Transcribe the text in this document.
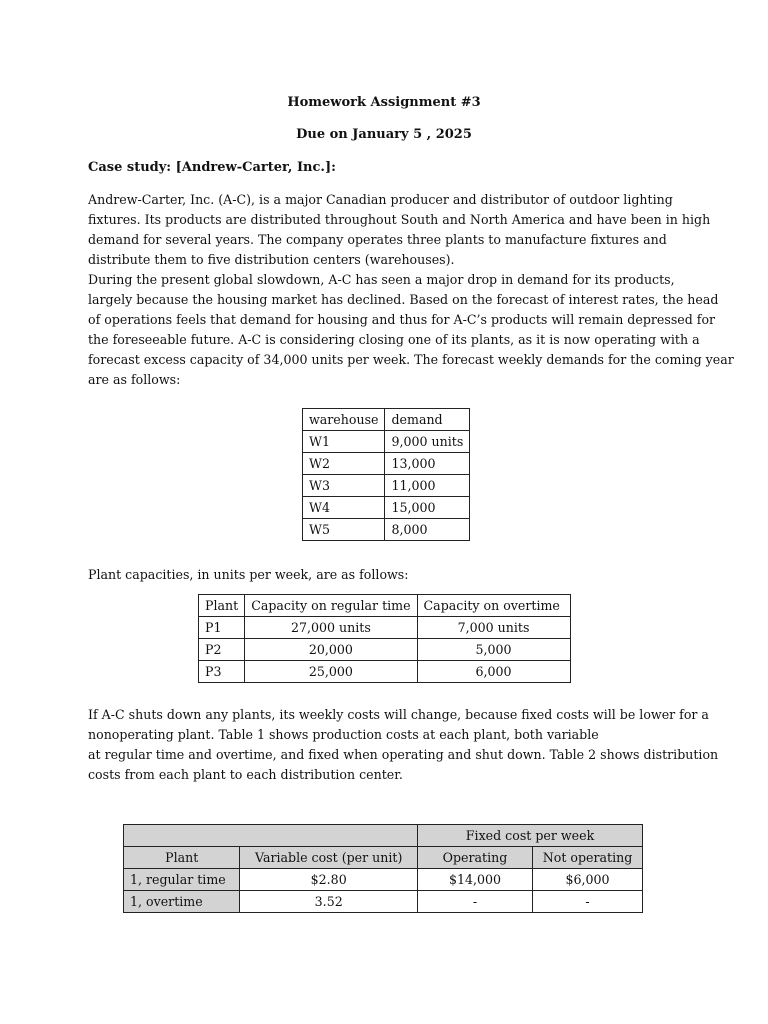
Homework Assignment #3
Due on January 5 , 2025
Case study: [Andrew-Carter, Inc.]:
Andrew-Carter, Inc. (A-C), is a major Canadian producer and distributor of outdoor lighting
fixtures. Its products are distributed throughout South and North America and have been in high
demand for several years. The company operates three plants to manufacture fixtures and
distribute them to five distribution centers (warehouses).
During the present global slowdown, A-C has seen a major drop in demand for its products,
largely because the housing market has declined. Based on the forecast of interest rates, the head
of operations feels that demand for housing and thus for A-C’s products will remain depressed for
the foreseeable future. A-C is considering closing one of its plants, as it is now operating with a
forecast excess capacity of 34,000 units per week. The forecast weekly demands for the coming year
are as follows:
warehouse	demand
W1	9,000 units
W2	13,000
W3	11,000
W4	15,000
W5	8,000
Plant capacities, in units per week, are as follows:
Plant	Capacity on regular time	Capacity on overtime
P1	27,000 units	7,000 units
P2	20,000	5,000
P3	25,000	6,000
If A-C shuts down any plants, its weekly costs will change, because fixed costs will be lower for a
nonoperating plant. Table 1 shows production costs at each plant, both variable
at regular time and overtime, and fixed when operating and shut down. Table 2 shows distribution
costs from each plant to each distribution center.
		Fixed cost per week	
Plant	Variable cost (per unit)	Operating	Not operating
1, regular time	$2.80	$14,000	$6,000
1, overtime	3.52	-	-
